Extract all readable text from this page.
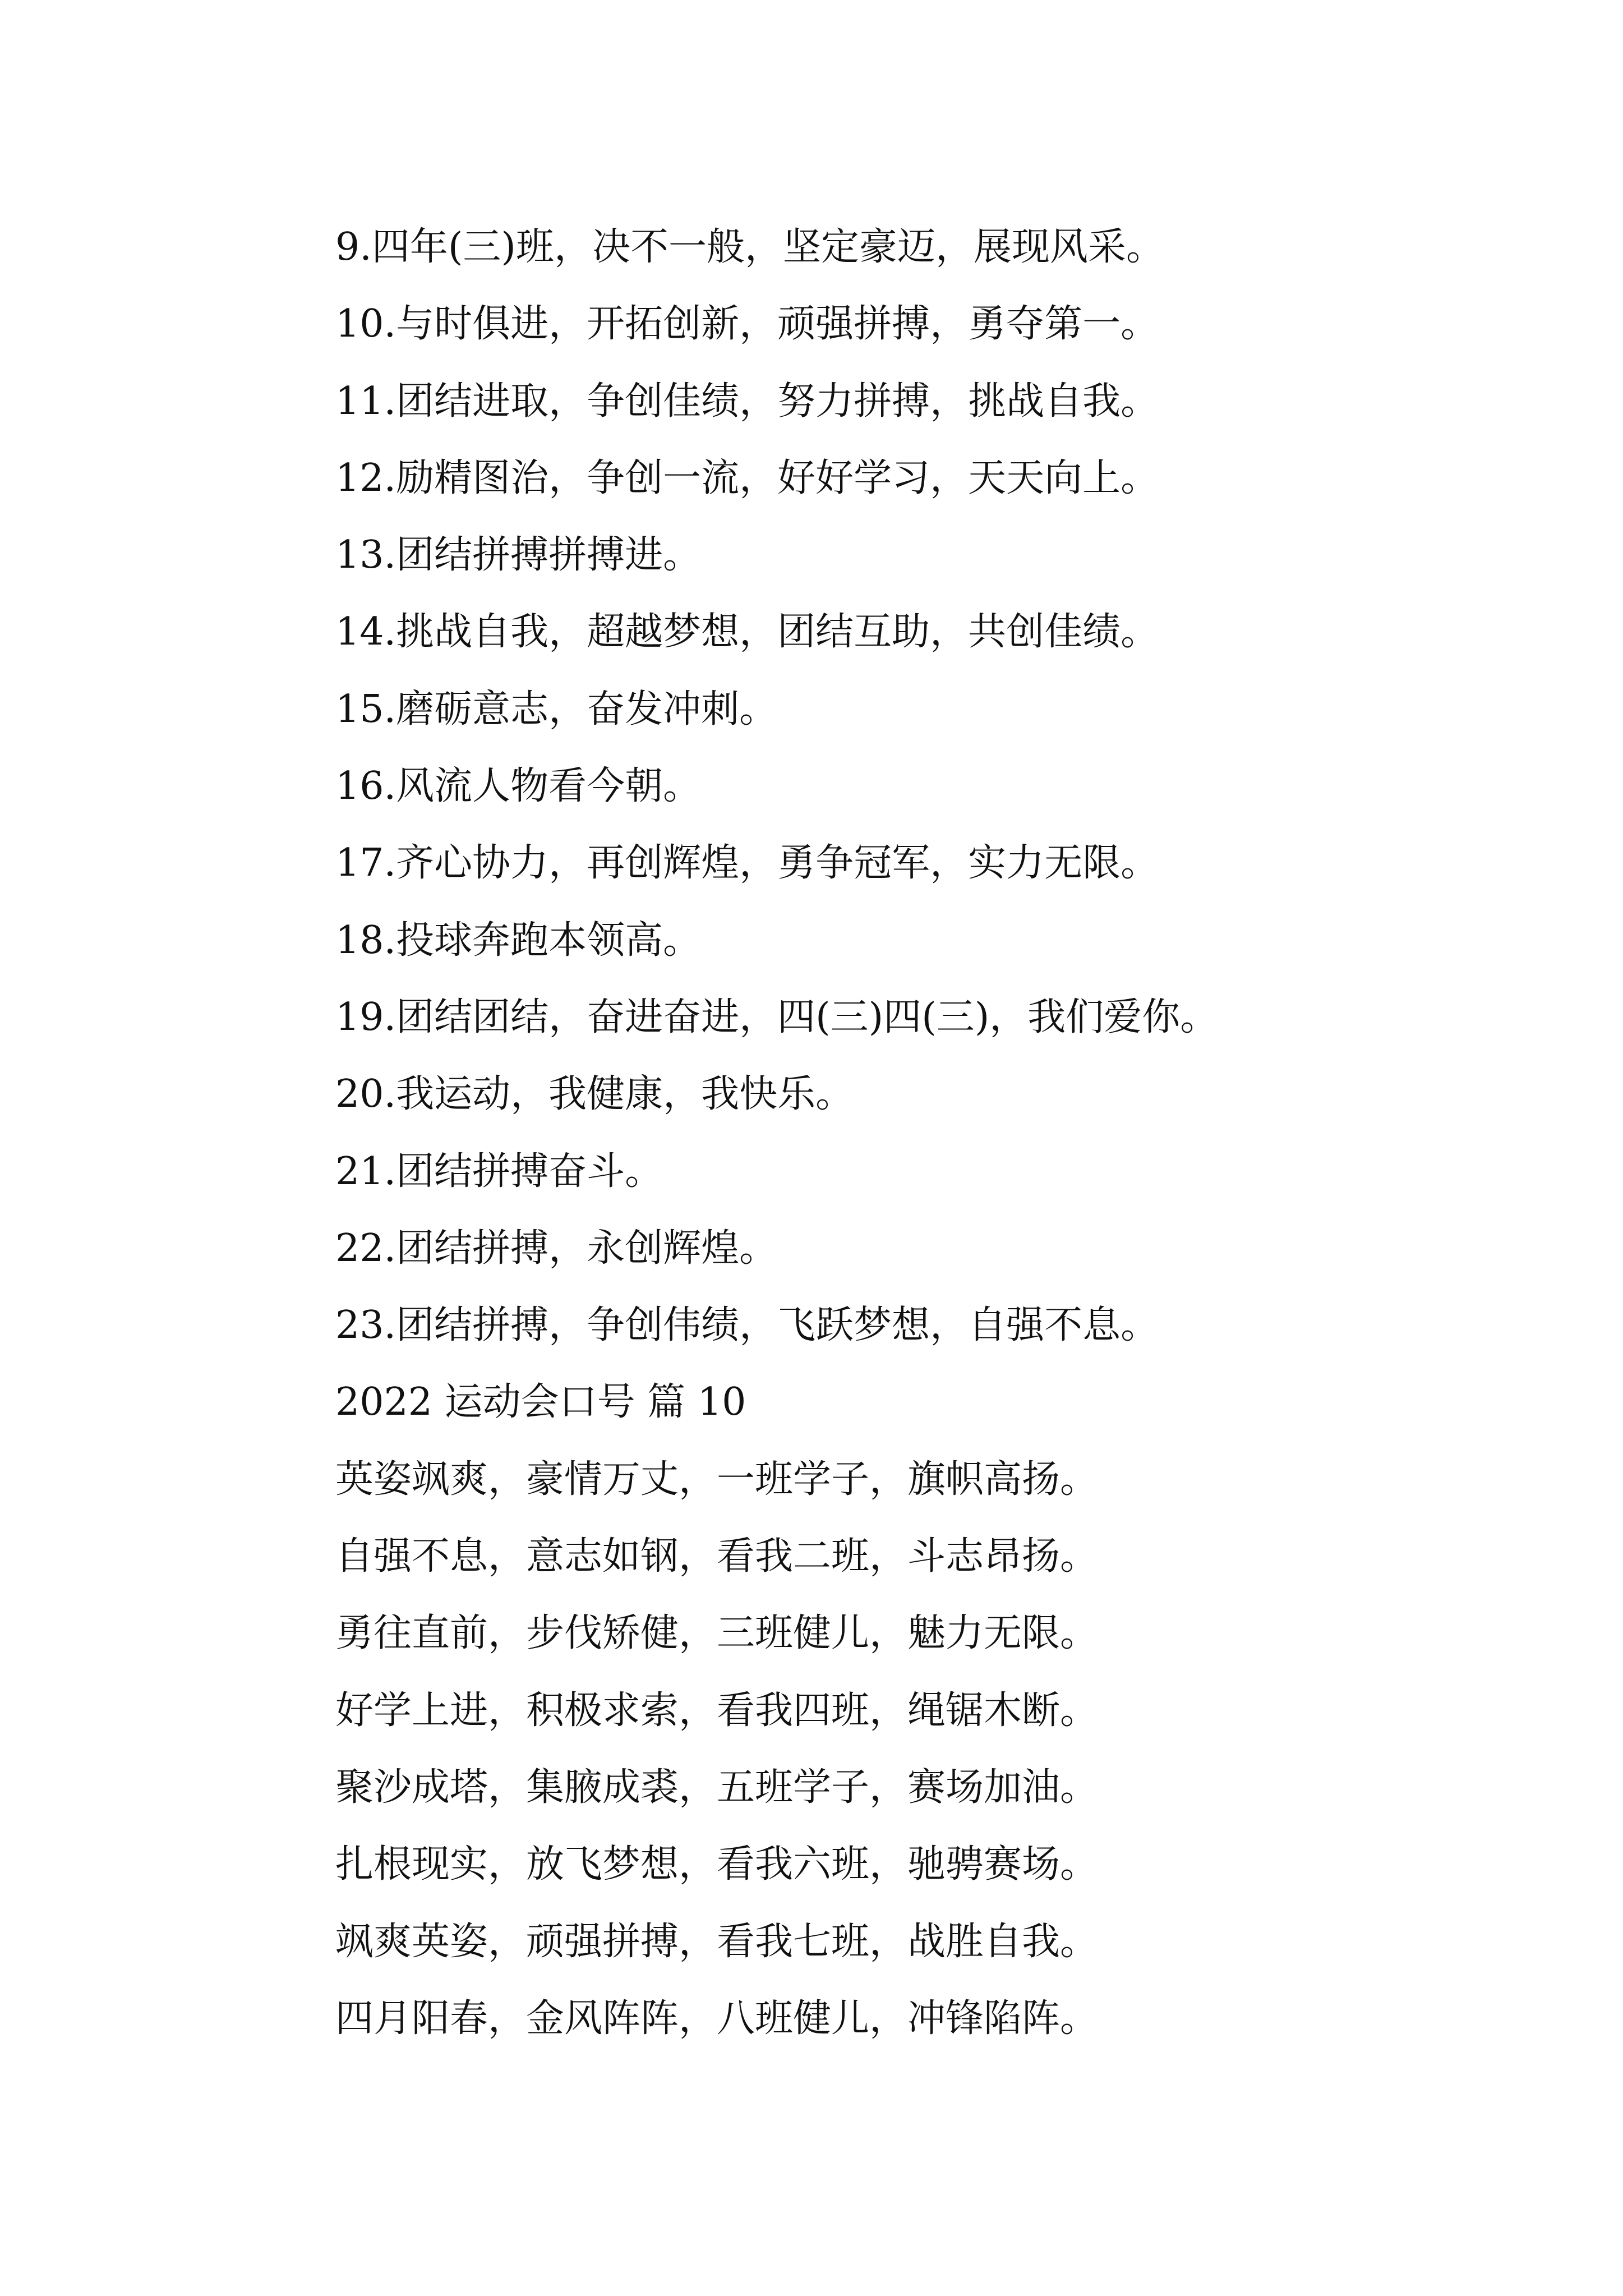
9.四年(三)班，决不一般，坚定豪迈，展现风采。
10.与时俱进，开拓创新，顽强拼搏，勇夺第一。
11.团结进取，争创佳绩，努力拼搏，挑战自我。
12.励精图治，争创一流，好好学习，天天向上。
13.团结拼搏拼搏进。
14.挑战自我，超越梦想，团结互助，共创佳绩。
15.磨砺意志，奋发冲刺。
16.风流人物看今朝。
17.齐心协力，再创辉煌，勇争冠军，实力无限。
18.投球奔跑本领高。
19.团结团结，奋进奋进，四(三)四(三)，我们爱你。
20.我运动，我健康，我快乐。
21.团结拼搏奋斗。
22.团结拼搏，永创辉煌。
23.团结拼搏，争创伟绩，飞跃梦想，自强不息。
2022 运动会口号 篇 10
英姿飒爽，豪情万丈，一班学子，旗帜高扬。
自强不息，意志如钢，看我二班，斗志昂扬。
勇往直前，步伐矫健，三班健儿，魅力无限。
好学上进，积极求索，看我四班，绳锯木断。
聚沙成塔，集腋成裘，五班学子，赛场加油。
扎根现实，放飞梦想，看我六班，驰骋赛场。
飒爽英姿，顽强拼搏，看我七班，战胜自我。
四月阳春，金风阵阵，八班健儿，冲锋陷阵。
